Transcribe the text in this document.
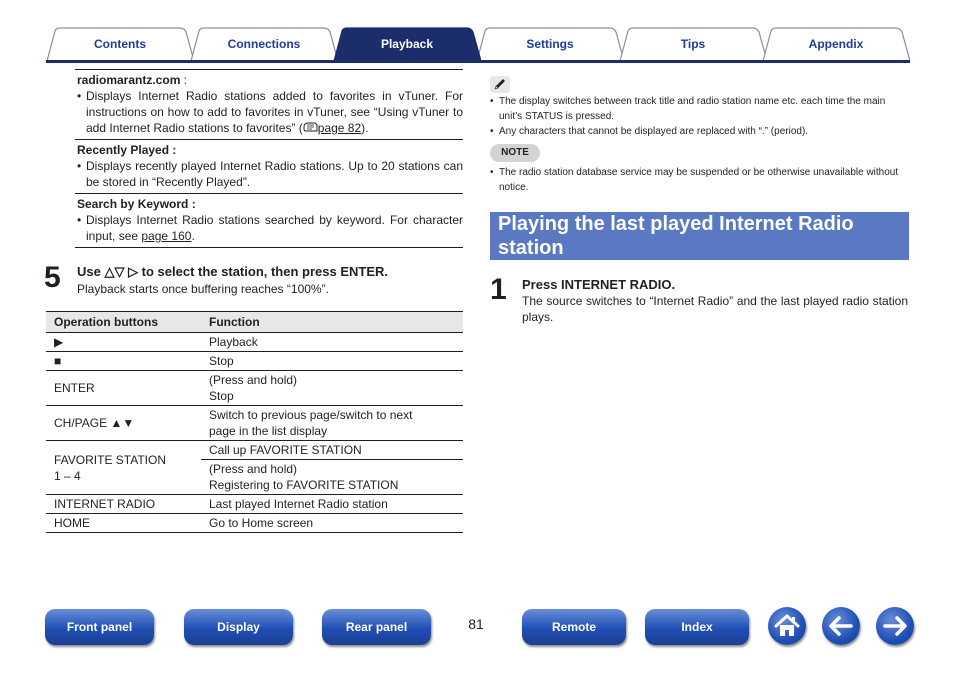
Contents	Connections	Settings	Tips	Appendix
Playback
radiomarantz.com :
• Displays Internet Radio stations added to favorites in vTuner. For instructions on how to add to favorites in vTuner, see “Using vTuner to add Internet Radio stations to favorites” ( page 82).
Recently Played :
• Displays recently played Internet Radio stations. Up to 20 stations can be stored in “Recently Played”.
Search by Keyword :
• Displays Internet Radio stations searched by keyword. For character input, see page 160.
5 Use △▽ ▷ to select the station, then press ENTER.
Playback starts once buffering reaches “100%”.
Operation buttons	Function
▶	Playback
■	Stop
ENTER	(Press and hold)
Stop

CH/PAGE ▲▼	Switch to previous page/switch to next
page in the list display

FAVORITE STATION
1 – 4	Call up FAVORITE STATION

	(Press and hold)
Registering to FAVORITE STATION

INTERNET RADIO	Last played Internet Radio station
HOME	Go to Home screen
• The display switches between track title and radio station name etc. each time the main unit’s STATUS is pressed.
• Any characters that cannot be displayed are replaced with “.” (period).
NOTE
• The radio station database service may be suspended or be otherwise unavailable without notice.
Playing the last played Internet Radio station
1 Press INTERNET RADIO.
The source switches to “Internet Radio” and the last played radio station plays.
Front panel	Display	Rear panel	81	Remote	Index
